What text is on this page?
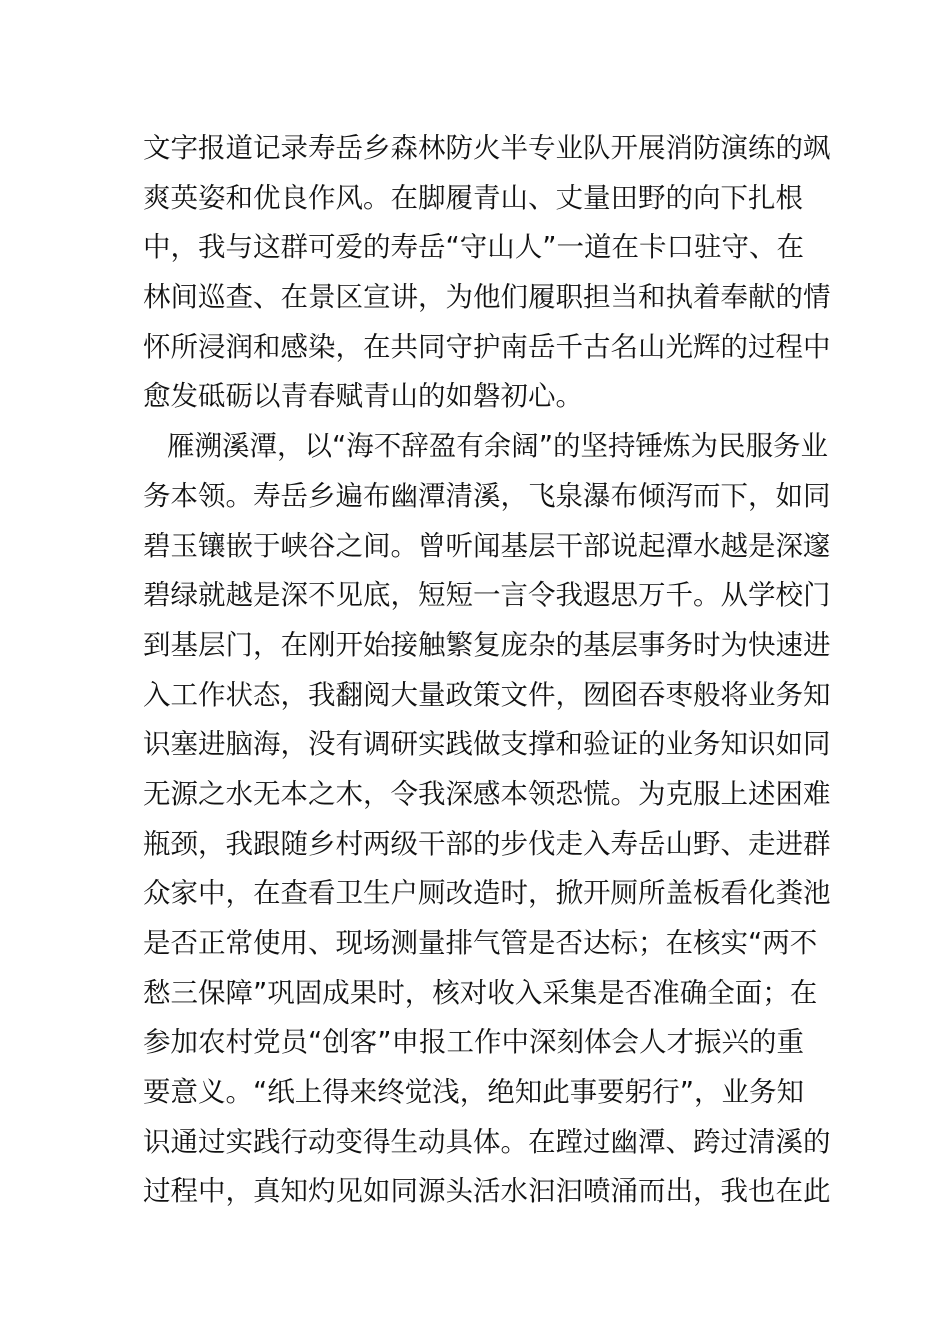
文字报道记录寿岳乡森林防火半专业队开展消防演练的飒
爽英姿和优良作风。在脚履青山、丈量田野的向下扎根
中，我与这群可爱的寿岳“守山人”一道在卡口驻守、在
林间巡查、在景区宣讲，为他们履职担当和执着奉献的情
怀所浸润和感染，在共同守护南岳千古名山光辉的过程中
愈发砥砺以青春赋青山的如磐初心。
雁溯溪潭，以“海不辞盈有余阔”的坚持锤炼为民服务业
务本领。寿岳乡遍布幽潭清溪，飞泉瀑布倾泻而下，如同
碧玉镶嵌于峡谷之间。曾听闻基层干部说起潭水越是深邃
碧绿就越是深不见底，短短一言令我遐思万千。从学校门
到基层门，在刚开始接触繁复庞杂的基层事务时为快速进
入工作状态，我翻阅大量政策文件，囫囵吞枣般将业务知
识塞进脑海，没有调研实践做支撑和验证的业务知识如同
无源之水无本之木，令我深感本领恐慌。为克服上述困难
瓶颈，我跟随乡村两级干部的步伐走入寿岳山野、走进群
众家中，在查看卫生户厕改造时，掀开厕所盖板看化粪池
是否正常使用、现场测量排气管是否达标；在核实“两不
愁三保障”巩固成果时，核对收入采集是否准确全面；在
参加农村党员“创客”申报工作中深刻体会人才振兴的重
要意义。“纸上得来终觉浅，绝知此事要躬行”，业务知
识通过实践行动变得生动具体。在蹚过幽潭、跨过清溪的
过程中，真知灼见如同源头活水汩汩喷涌而出，我也在此
